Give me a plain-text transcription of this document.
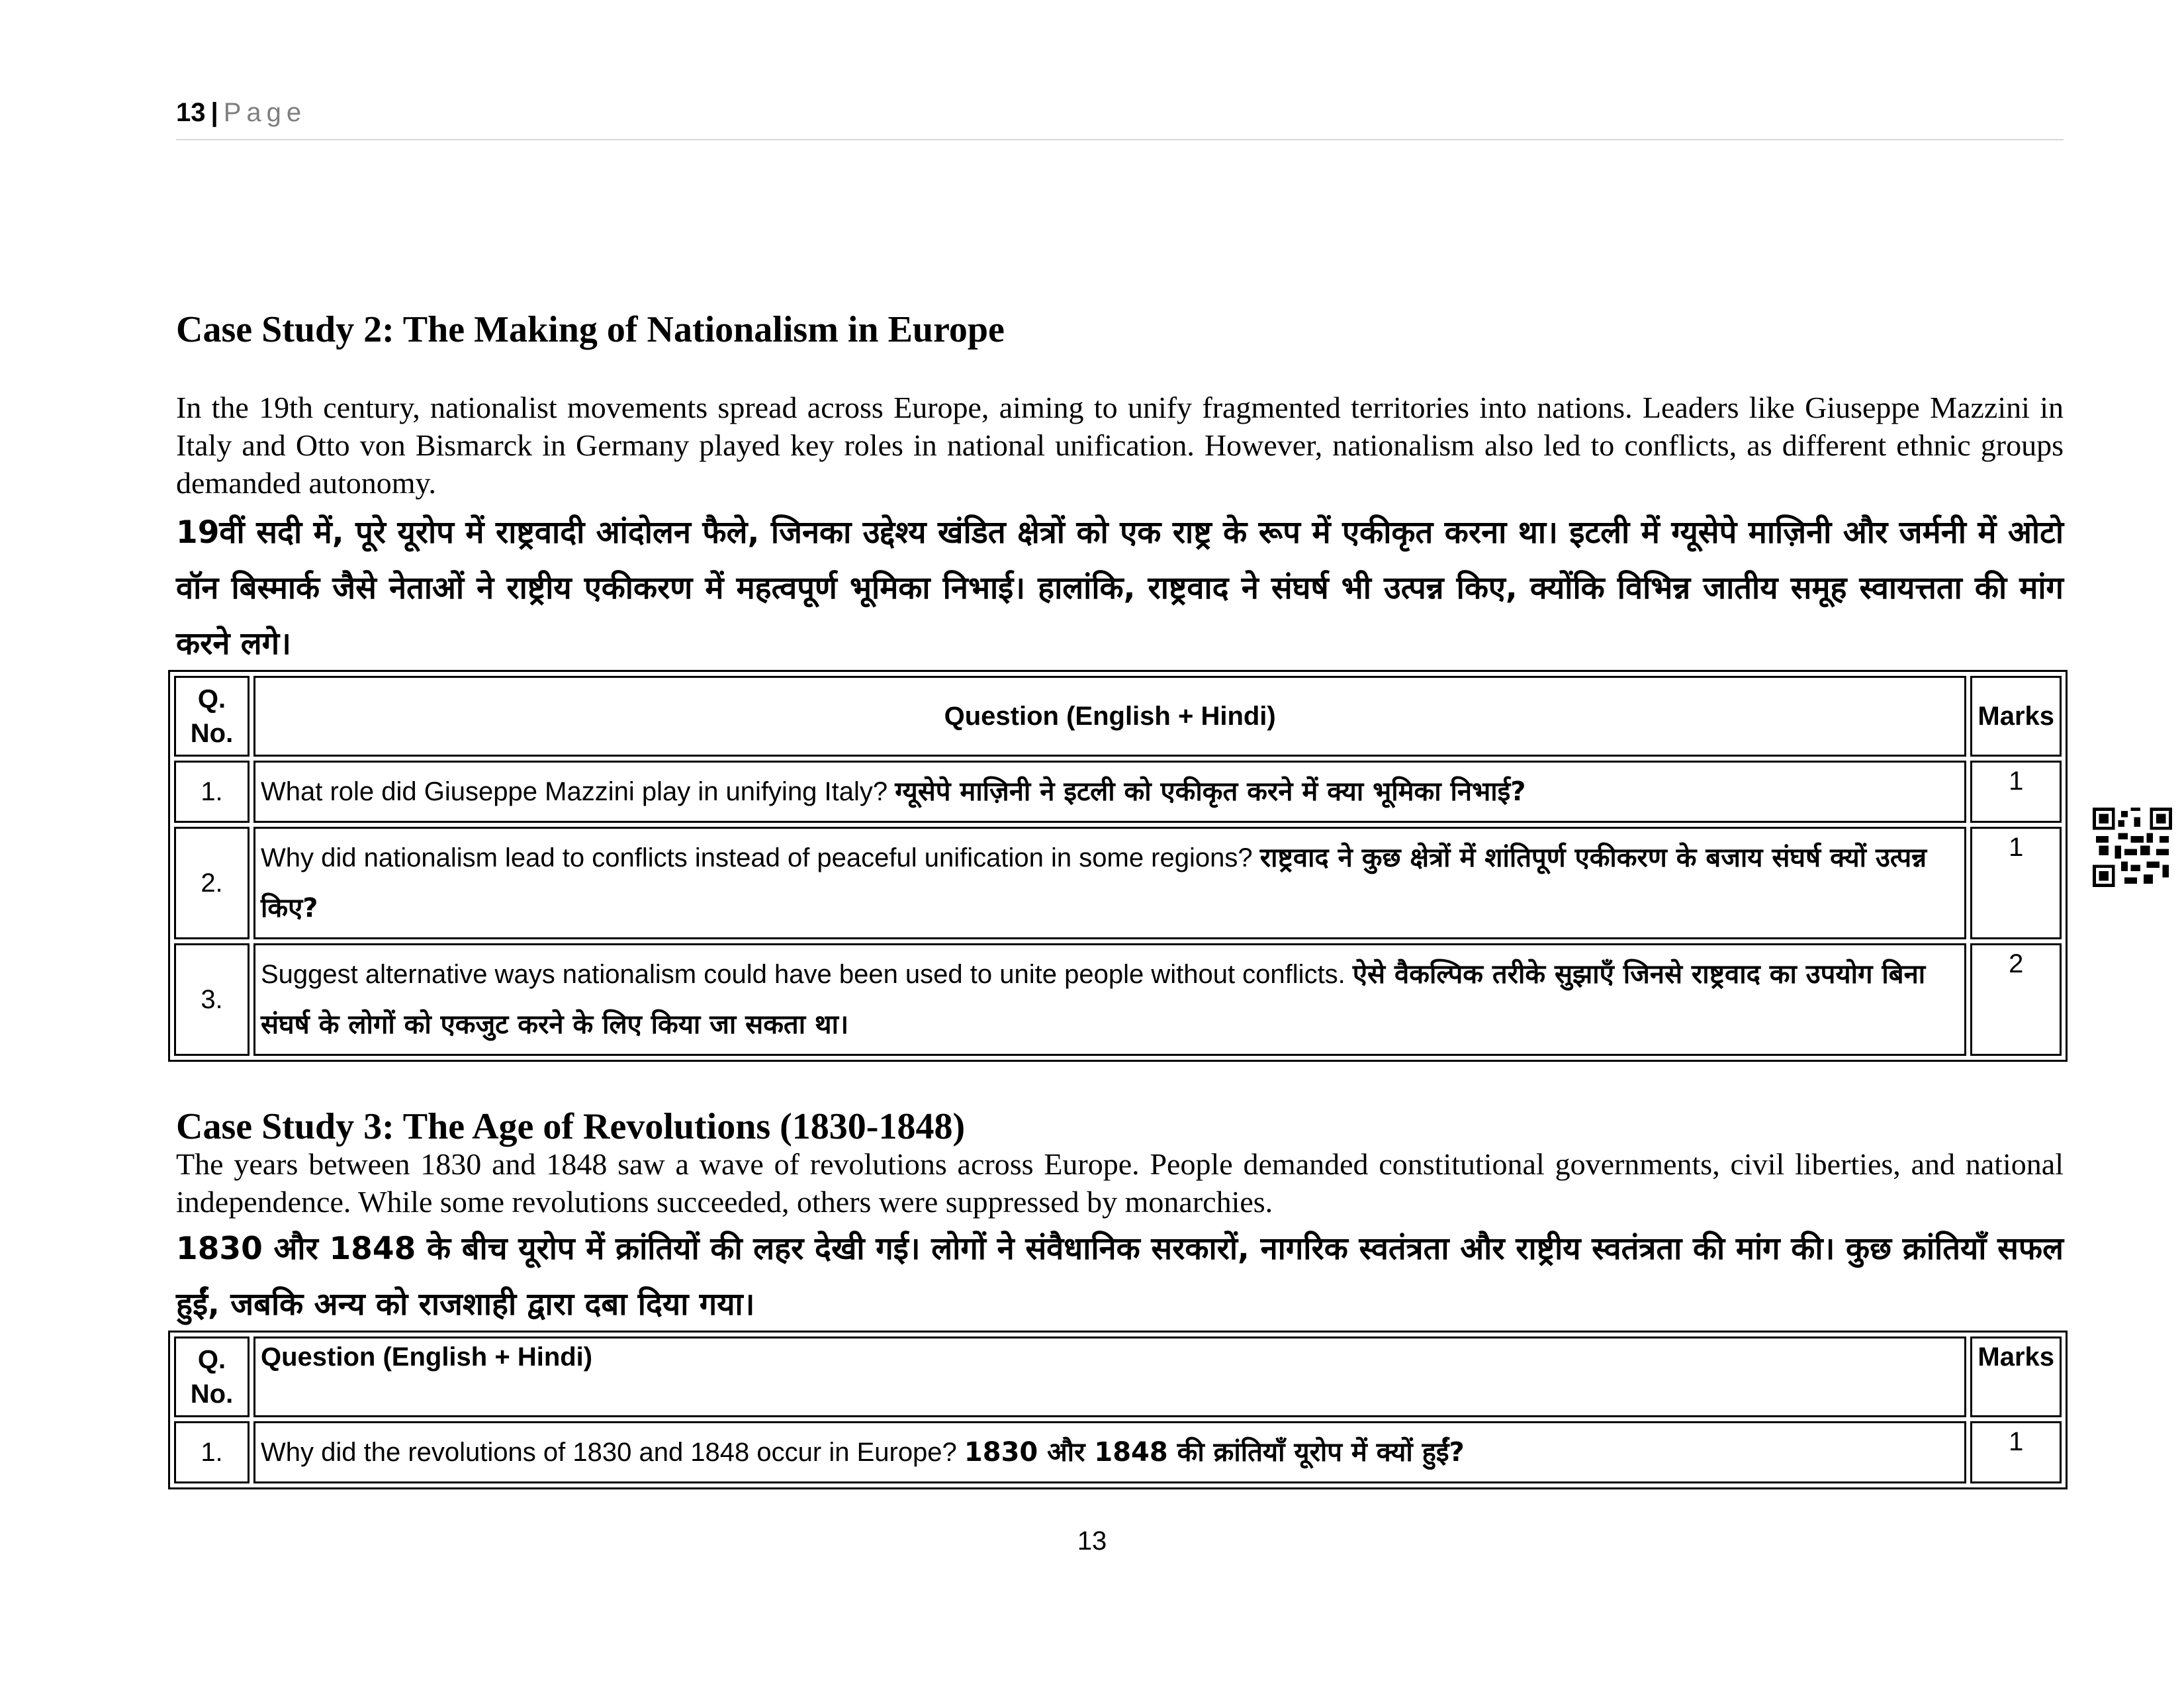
13 | Page
Case Study 2: The Making of Nationalism in Europe

In the 19th century, nationalist movements spread across Europe, aiming to unify fragmented territories into nations. Leaders like Giuseppe Mazzini in Italy and Otto von Bismarck in Germany played key roles in national unification. However, nationalism also led to conflicts, as different ethnic groups demanded autonomy.

19वीं सदी में, पूरे यूरोप में राष्ट्रवादी आंदोलन फैले, जिनका उद्देश्य खंडित क्षेत्रों को एक राष्ट्र के रूप में एकीकृत करना था। इटली में ग्यूसेपे माज़िनी और जर्मनी में ओटो वॉन बिस्मार्क जैसे नेताओं ने राष्ट्रीय एकीकरण में महत्वपूर्ण भूमिका निभाई। हालांकि, राष्ट्रवाद ने संघर्ष भी उत्पन्न किए, क्योंकि विभिन्न जातीय समूह स्वायत्तता की मांग करने लगे।

Q. No.	Question (English + Hindi)	Marks
1.	What role did Giuseppe Mazzini play in unifying Italy? ग्यूसेपे माज़िनी ने इटली को एकीकृत करने में क्या भूमिका निभाई?	1
2.	Why did nationalism lead to conflicts instead of peaceful unification in some regions? राष्ट्रवाद ने कुछ क्षेत्रों में शांतिपूर्ण एकीकरण के बजाय संघर्ष क्यों उत्पन्न किए?	1
3.	Suggest alternative ways nationalism could have been used to unite people without conflicts. ऐसे वैकल्पिक तरीके सुझाएँ जिनसे राष्ट्रवाद का उपयोग बिना संघर्ष के लोगों को एकजुट करने के लिए किया जा सकता था।	2
Case Study 3: The Age of Revolutions (1830-1848)

The years between 1830 and 1848 saw a wave of revolutions across Europe. People demanded constitutional governments, civil liberties, and national independence. While some revolutions succeeded, others were suppressed by monarchies.

1830 और 1848 के बीच यूरोप में क्रांतियों की लहर देखी गई। लोगों ने संवैधानिक सरकारों, नागरिक स्वतंत्रता और राष्ट्रीय स्वतंत्रता की मांग की। कुछ क्रांतियाँ सफल हुईं, जबकि अन्य को राजशाही द्वारा दबा दिया गया।

Q. No.	Question (English + Hindi)	Marks
1.	Why did the revolutions of 1830 and 1848 occur in Europe? 1830 और 1848 की क्रांतियाँ यूरोप में क्यों हुईं?	1
13
